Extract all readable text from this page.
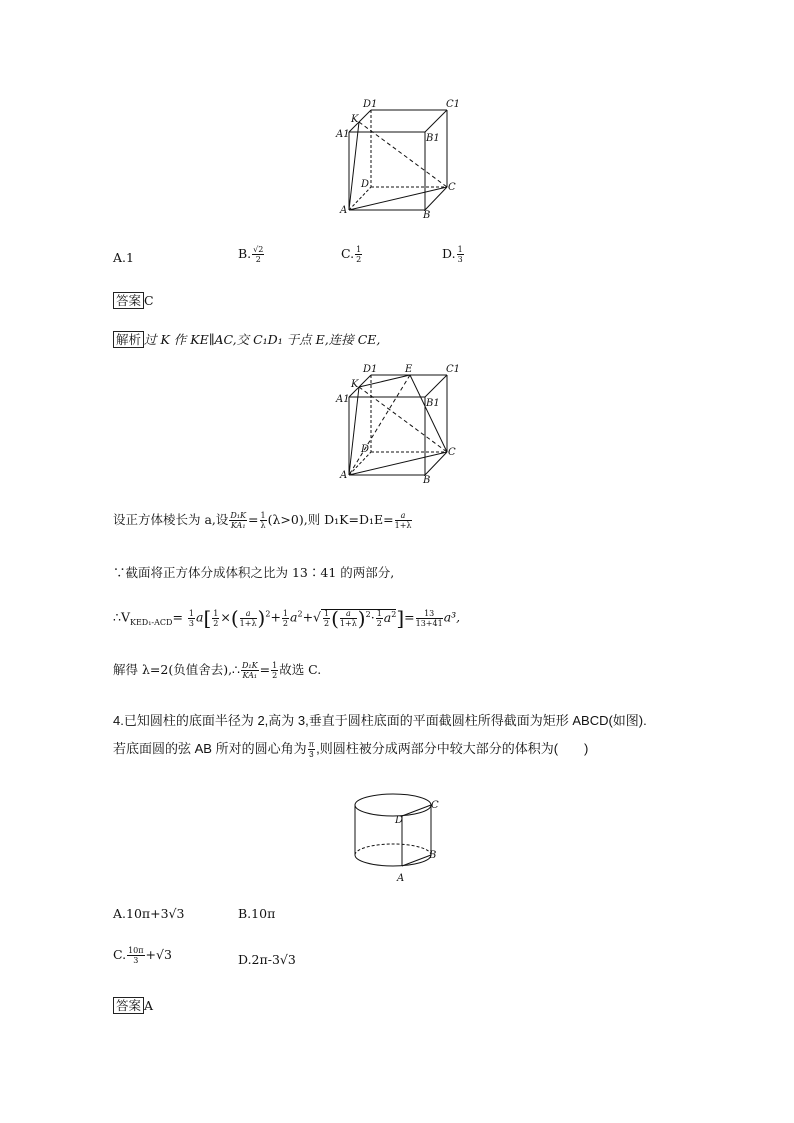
D1	C1
K
A1	B1
D	C
A	B
A.1	B. $\frac{√2}{2}$	C. $\frac{1}{2}$	D. $\frac{1}{3}$
答案 C
解析 过 K 作 KE∥AC,交 C₁D₁ 于点 E,连接 CE,
D1	E	C1
K
A1	B1
D	C
A	B
设正方体棱长为 a,设 $\frac{\text{D₁K}}{\text{KA₁}} = \frac{1}{\lambda} (\lambda>0)$,则 $D_1K=D_1E= \frac{a}{1+\lambda}$
∵截面将正方体分成体积之比为 13∶41 的两部分,
$\therefore V_{KED_1-ACD}= \frac{1}{3} a[ \frac{1}{2}$ ×( $\frac{a}{1+\lambda} )^2+ \frac{1}{2} a^2+√ \frac{1}{2}$ ( $\frac{a}{1+\lambda} )^2\cdot \frac{1}{2} a^2]= \frac{13}{13+41} a^3$,
解得 λ=2(负值舍去),∴ $\frac{\text{D₁K}}{\text{KA₁}} = \frac{1}{2}$ 故选 C.
4.已知圆柱的底面半径为 2,高为 3,垂直于圆柱底面的平面截圆柱所得截面为矩形 ABCD(如图).
若底面圆的弦 AB 所对的圆心角为 $\frac{\pi}{3}$ ,则圆柱被分成两部分中较大部分的体积为(　　)
C
D
B
A
A.10π+3√3	B.10π
C. $\frac{10\pi}{3} +√3$	D.2π-3√3
答案 A
